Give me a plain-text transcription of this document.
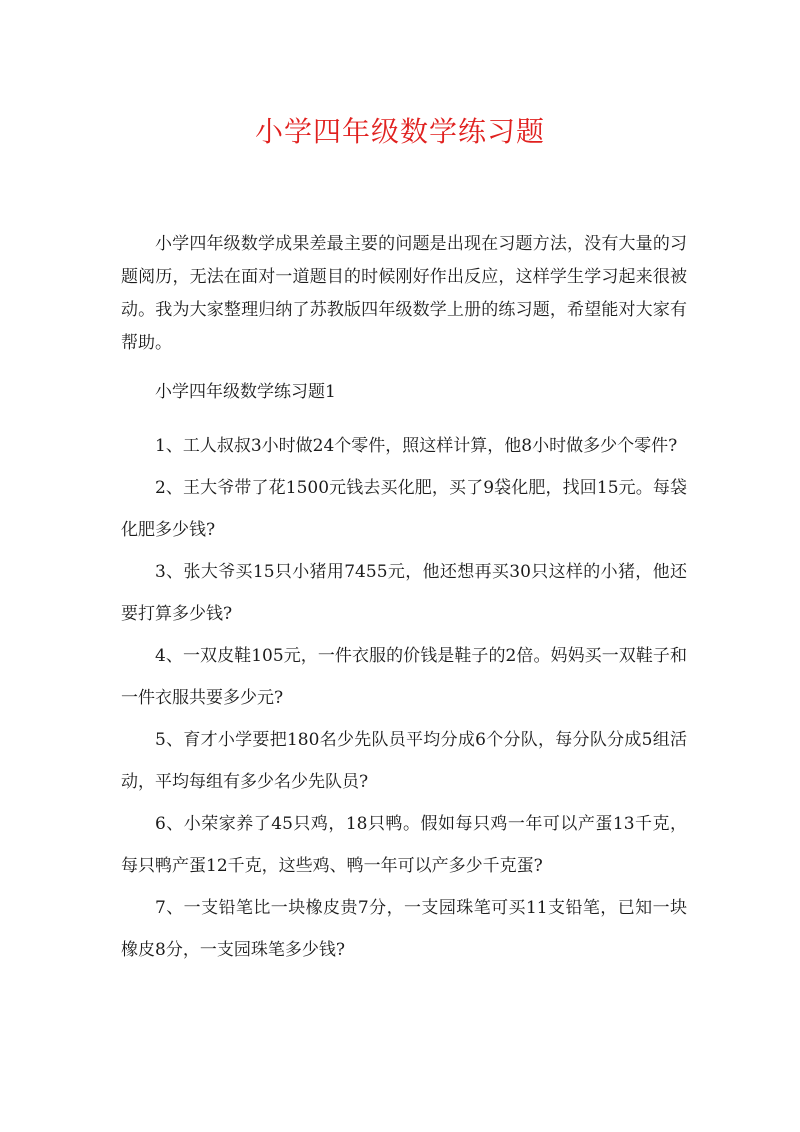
小学四年级数学练习题

小学四年级数学成果差最主要的问题是出现在习题方法，没有大量的习题阅历，无法在面对一道题目的时候刚好作出反应，这样学生学习起来很被动。我为大家整理归纳了苏教版四年级数学上册的练习题，希望能对大家有帮助。

小学四年级数学练习题1

1、工人叔叔3小时做24个零件，照这样计算，他8小时做多少个零件?

2、王大爷带了花1500元钱去买化肥，买了9袋化肥，找回15元。每袋化肥多少钱?

3、张大爷买15只小猪用7455元，他还想再买30只这样的小猪，他还要打算多少钱?

4、一双皮鞋105元，一件衣服的价钱是鞋子的2倍。妈妈买一双鞋子和一件衣服共要多少元?

5、育才小学要把180名少先队员平均分成6个分队，每分队分成5组活动，平均每组有多少名少先队员?

6、小荣家养了45只鸡，18只鸭。假如每只鸡一年可以产蛋13千克，每只鸭产蛋12千克，这些鸡、鸭一年可以产多少千克蛋?

7、一支铅笔比一块橡皮贵7分，一支园珠笔可买11支铅笔，已知一块橡皮8分，一支园珠笔多少钱?
